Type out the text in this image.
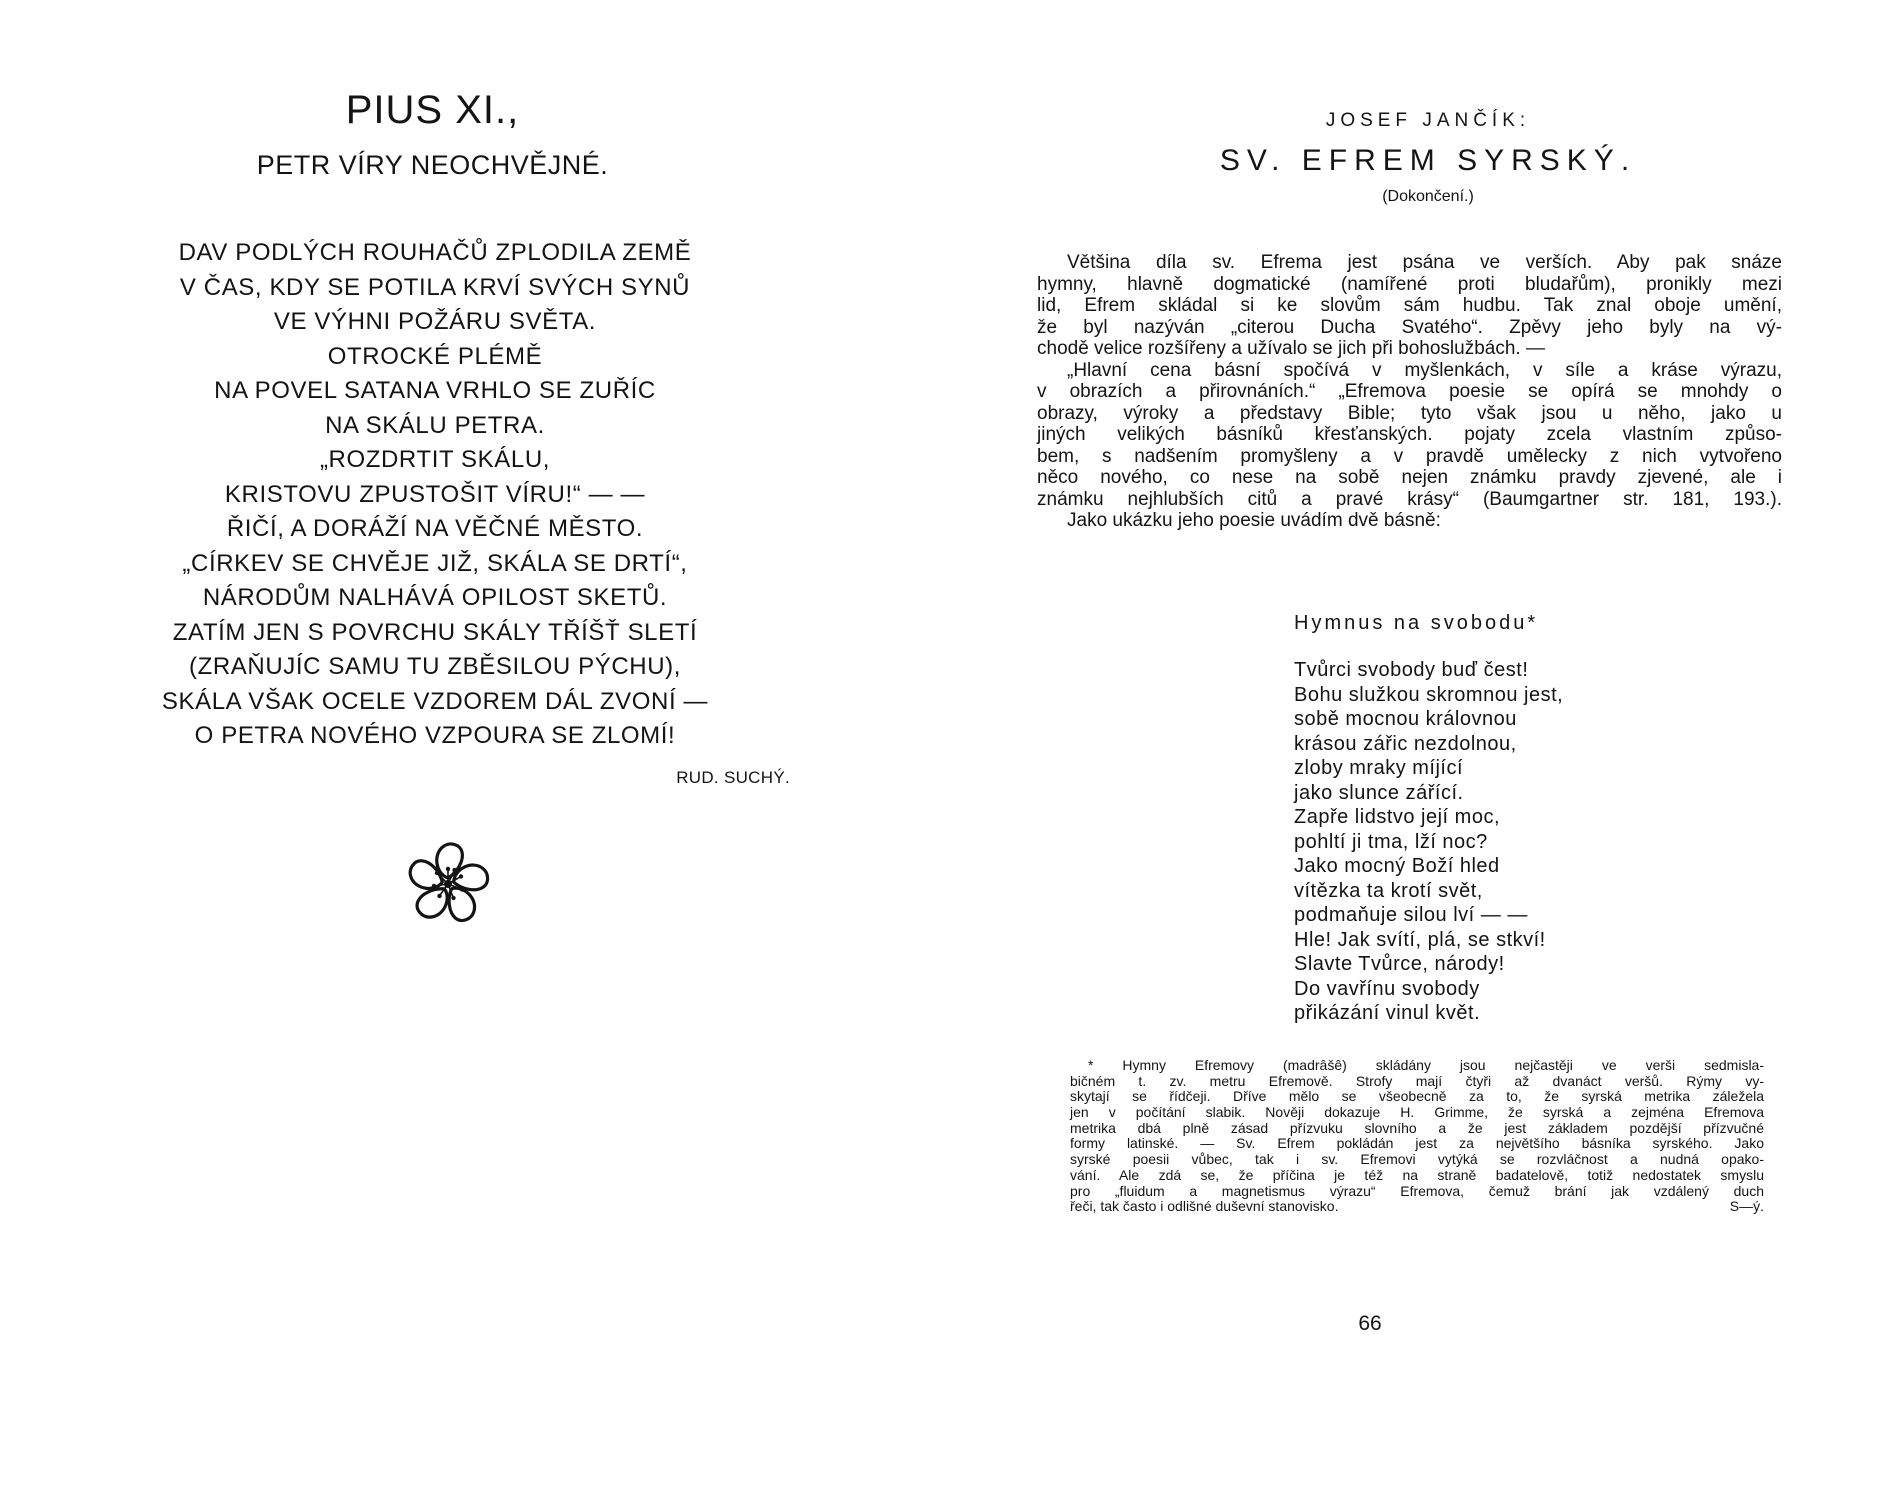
PIUS XI.,
PETR VÍRY NEOCHVĚJNÉ.
DAV PODLÝCH ROUHAČŮ ZPLODILA ZEMĚ
V ČAS, KDY SE POTILA KRVÍ SVÝCH SYNŮ
VE VÝHNI POŽÁRU SVĚTA.
OTROCKÉ PLÉMĚ
NA POVEL SATANA VRHLO SE ZUŘÍC
NA SKÁLU PETRA.
„ROZDRTIT SKÁLU,
KRISTOVU ZPUSTOŠIT VÍRU!“ — —
ŘIČÍ, A DORÁŽÍ NA VĚČNÉ MĚSTO.
„CÍRKEV SE CHVĚJE JIŽ, SKÁLA SE DRTÍ“,
NÁRODŮM NALHÁVÁ OPILOST SKETŮ.
ZATÍM JEN S POVRCHU SKÁLY TŘÍŠŤ SLETÍ
(ZRAŇUJÍC SAMU TU ZBĚSILOU PÝCHU),
SKÁLA VŠAK OCELE VZDOREM DÁL ZVONÍ —
O PETRA NOVÉHO VZPOURA SE ZLOMÍ!
RUD. SUCHÝ.
JOSEF JANČÍK:
SV. EFREM SYRSKÝ.
(Dokončení.)
Většina díla sv. Efrema jest psána ve verších. Aby pak snáze
hymny, hlavně dogmatické (namířené proti bludařům), pronikly mezi
lid, Efrem skládal si ke slovům sám hudbu. Tak znal oboje umění,
že byl nazýván „citerou Ducha Svatého“. Zpěvy jeho byly na vý-
chodě velice rozšířeny a užívalo se jich při bohoslužbách. —
„Hlavní cena básní spočívá v myšlenkách, v síle a kráse výrazu,
v obrazích a přirovnáních.“ „Efremova poesie se opírá se mnohdy o
obrazy, výroky a představy Bible; tyto však jsou u něho, jako u
jiných velikých básníků křesťanských. pojaty zcela vlastním způso-
bem, s nadšením promyšleny a v pravdě umělecky z nich vytvořeno
něco nového, co nese na sobě nejen známku pravdy zjevené, ale i
známku nejhlubších citů a pravé krásy“ (Baumgartner str. 181, 193.).
Jako ukázku jeho poesie uvádím dvě básně:
Hymnus na svobodu*
Tvůrci svobody buď čest!
Bohu služkou skromnou jest,
sobě mocnou královnou
krásou zářic nezdolnou,
zloby mraky míjící
jako slunce zářící.
Zapře lidstvo její moc,
pohltí ji tma, lží noc?
Jako mocný Boží hled
vítězka ta krotí svět,
podmaňuje silou lví — —
Hle! Jak svítí, plá, se stkví!
Slavte Tvůrce, národy!
Do vavřínu svobody
přikázání vinul květ.
* Hymny Efremovy (madrâšê) skládány jsou nejčastěji ve verši sedmisla-
bičném t. zv. metru Efremově. Strofy mají čtyři až dvanáct veršů. Rýmy vy-
skytají se řídčeji. Dříve mělo se všeobecně za to, že syrská metrika záležela
jen v počítání slabik. Nověji dokazuje H. Grimme, že syrská a zejména Efremova
metrika dbá plně zásad přízvuku slovního a že jest základem pozdější přízvučné
formy latinské. — Sv. Efrem pokládán jest za největšího básníka syrského. Jako
syrské poesii vůbec, tak i sv. Efremovi vytýká se rozvláčnost a nudná opako-
vání. Ale zdá se, že příčina je též na straně badatelově, totiž nedostatek smyslu
pro „fluidum a magnetismus výrazu“ Efremova, čemuž brání jak vzdálený duch
řeči, tak často i odlišné duševní stanovisko.	S—ý.
66
